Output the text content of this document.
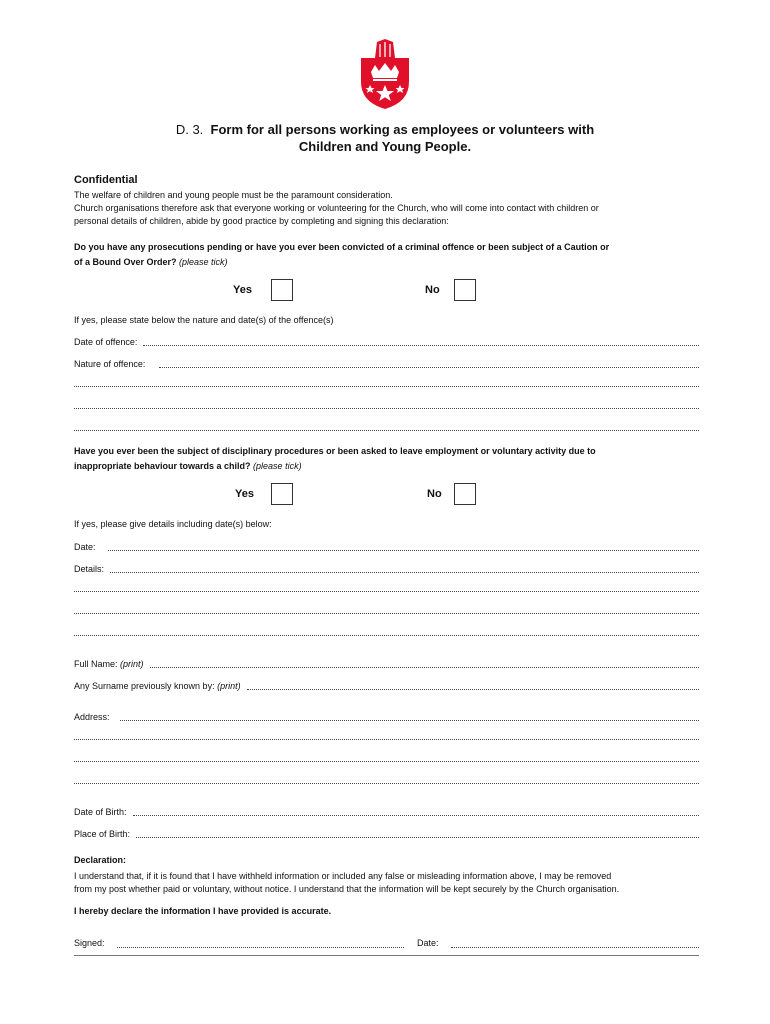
D. 3. Form for all persons working as employees or volunteers with
Children and Young People.
Confidential
The welfare of children and young people must be the paramount consideration.
Church organisations therefore ask that everyone working or volunteering for the Church, who will come into contact with children or
personal details of children, abide by good practice by completing and signing this declaration:
Do you have any prosecutions pending or have you ever been convicted of a criminal offence or been subject of a Caution or
of a Bound Over Order? (please tick)
Yes	No
If yes, please state below the nature and date(s) of the offence(s)
Date of offence:
Nature of offence:
Have you ever been the subject of disciplinary procedures or been asked to leave employment or voluntary activity due to
inappropriate behaviour towards a child? (please tick)
Yes	No
If yes, please give details including date(s) below:
Date:
Details:
Full Name: (print)
Any Surname previously known by: (print)
Address:
Date of Birth:
Place of Birth:
Declaration:
I understand that, if it is found that I have withheld information or included any false or misleading information above, I may be removed
from my post whether paid or voluntary, without notice. I understand that the information will be kept securely by the Church organisation.
I hereby declare the information I have provided is accurate.
Signed:	Date:
